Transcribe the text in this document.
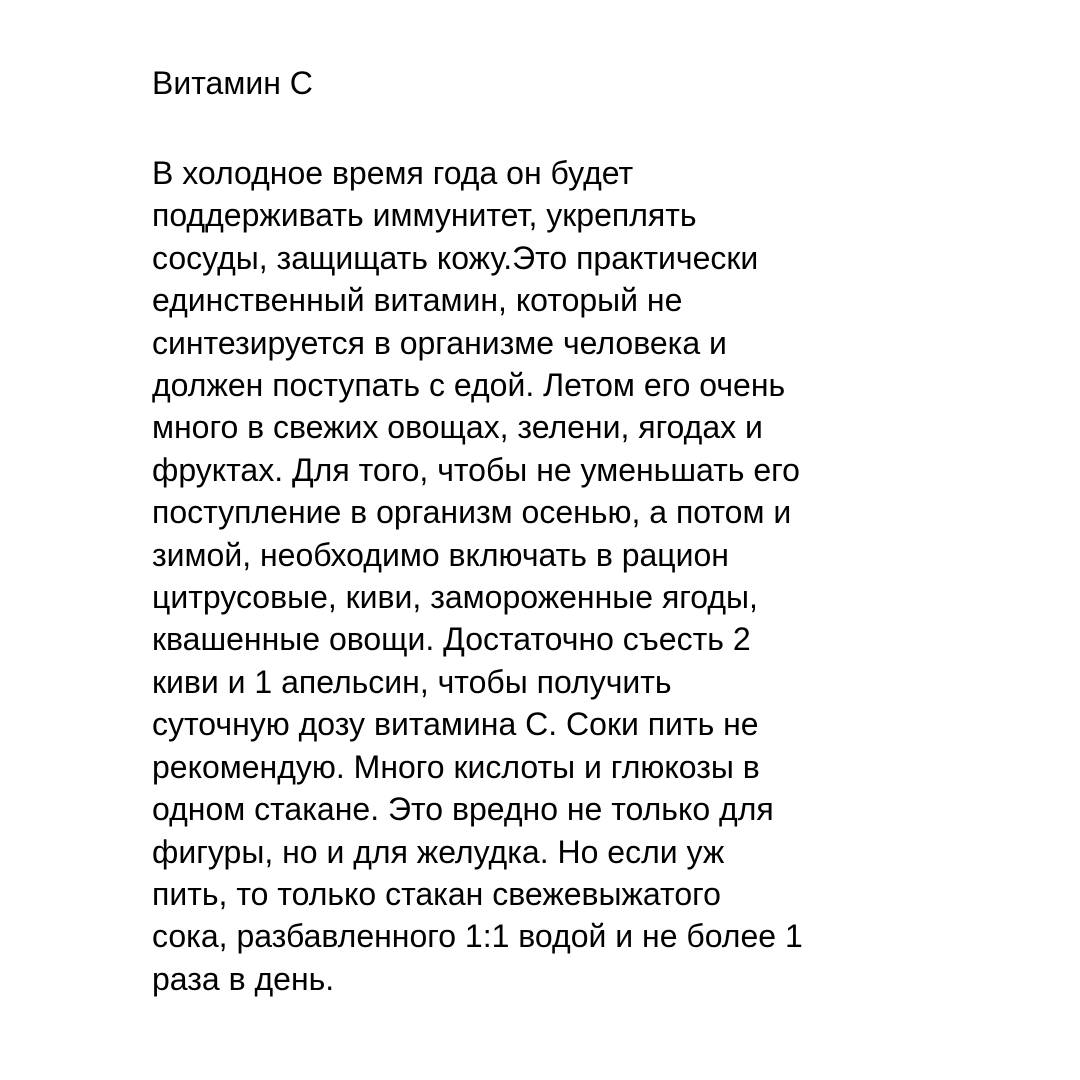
Витамин С
В холодное время года он будет
поддерживать иммунитет, укреплять
сосуды, защищать кожу.Это практически
единственный витамин, который не
синтезируется в организме человека и
должен поступать с едой. Летом его очень
много в свежих овощах, зелени, ягодах и
фруктах. Для того, чтобы не уменьшать его
поступление в организм осенью, а потом и
зимой, необходимо включать в рацион
цитрусовые, киви, замороженные ягоды,
квашенные овощи. Достаточно съесть 2
киви и 1 апельсин, чтобы получить
суточную дозу витамина С. Соки пить не
рекомендую. Много кислоты и глюкозы в
одном стакане. Это вредно не только для
фигуры, но и для желудка. Но если уж
пить, то только стакан свежевыжатого
сока, разбавленного 1:1 водой и не более 1
раза в день.
